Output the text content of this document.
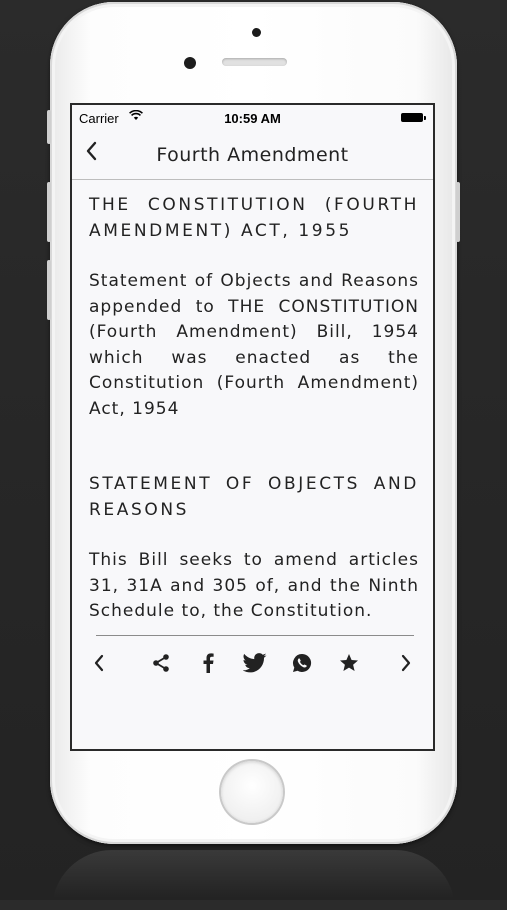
Carrier	10:59 AM
Fourth Amendment

THE CONSTITUTION (FOURTH AMENDMENT) ACT, 1955

Statement of Objects and Reasons appended to THE CONSTITUTION (Fourth Amendment) Bill, 1954 which was enacted as the Constitution (Fourth Amendment) Act, 1954

STATEMENT OF OBJECTS AND REASONS

This Bill seeks to amend articles 31, 31A and 305 of, and the Ninth Schedule to, the Constitution.
